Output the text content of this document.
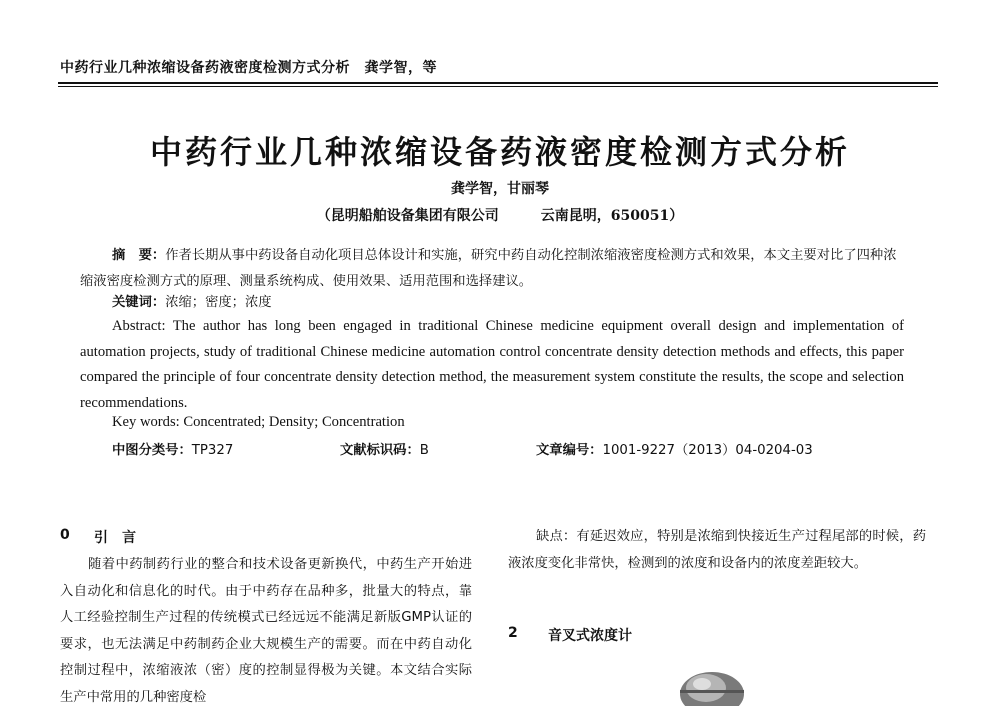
中药行业几种浓缩设备药液密度检测方式分析　龚学智，等
中药行业几种浓缩设备药液密度检测方式分析
龚学智，甘丽琴
（昆明船舶设备集团有限公司　　　云南昆明，650051）
摘　要：作者长期从事中药设备自动化项目总体设计和实施，研究中药自动化控制浓缩液密度检测方式和效果，本文主要对比了四种浓缩液密度检测方式的原理、测量系统构成、使用效果、适用范围和选择建议。
关键词：浓缩；密度；浓度
Abstract: The author has long been engaged in traditional Chinese medicine equipment overall design and implementation of automation projects, study of traditional Chinese medicine automation control concentrate density detection methods and effects, this paper compared the principle of four concentrate density detection method, the measurement system constitute the results, the scope and selection recommendations.
Key words: Concentrated; Density; Concentration
中图分类号：TP327	文献标识码：B	文章编号：1001-9227（2013）04-0204-03
0 引　言
随着中药制药行业的整合和技术设备更新换代，中药生产开始进入自动化和信息化的时代。由于中药存在品种多，批量大的特点，靠人工经验控制生产过程的传统模式已经远远不能满足新版GMP认证的要求，也无法满足中药制药企业大规模生产的需要。而在中药自动化控制过程中，浓缩液浓（密）度的控制显得极为关键。本文结合实际生产中常用的几种密度检
缺点：有延迟效应，特别是浓缩到快接近生产过程尾部的时候，药液浓度变化非常快，检测到的浓度和设备内的浓度差距较大。
2 音叉式浓度计
